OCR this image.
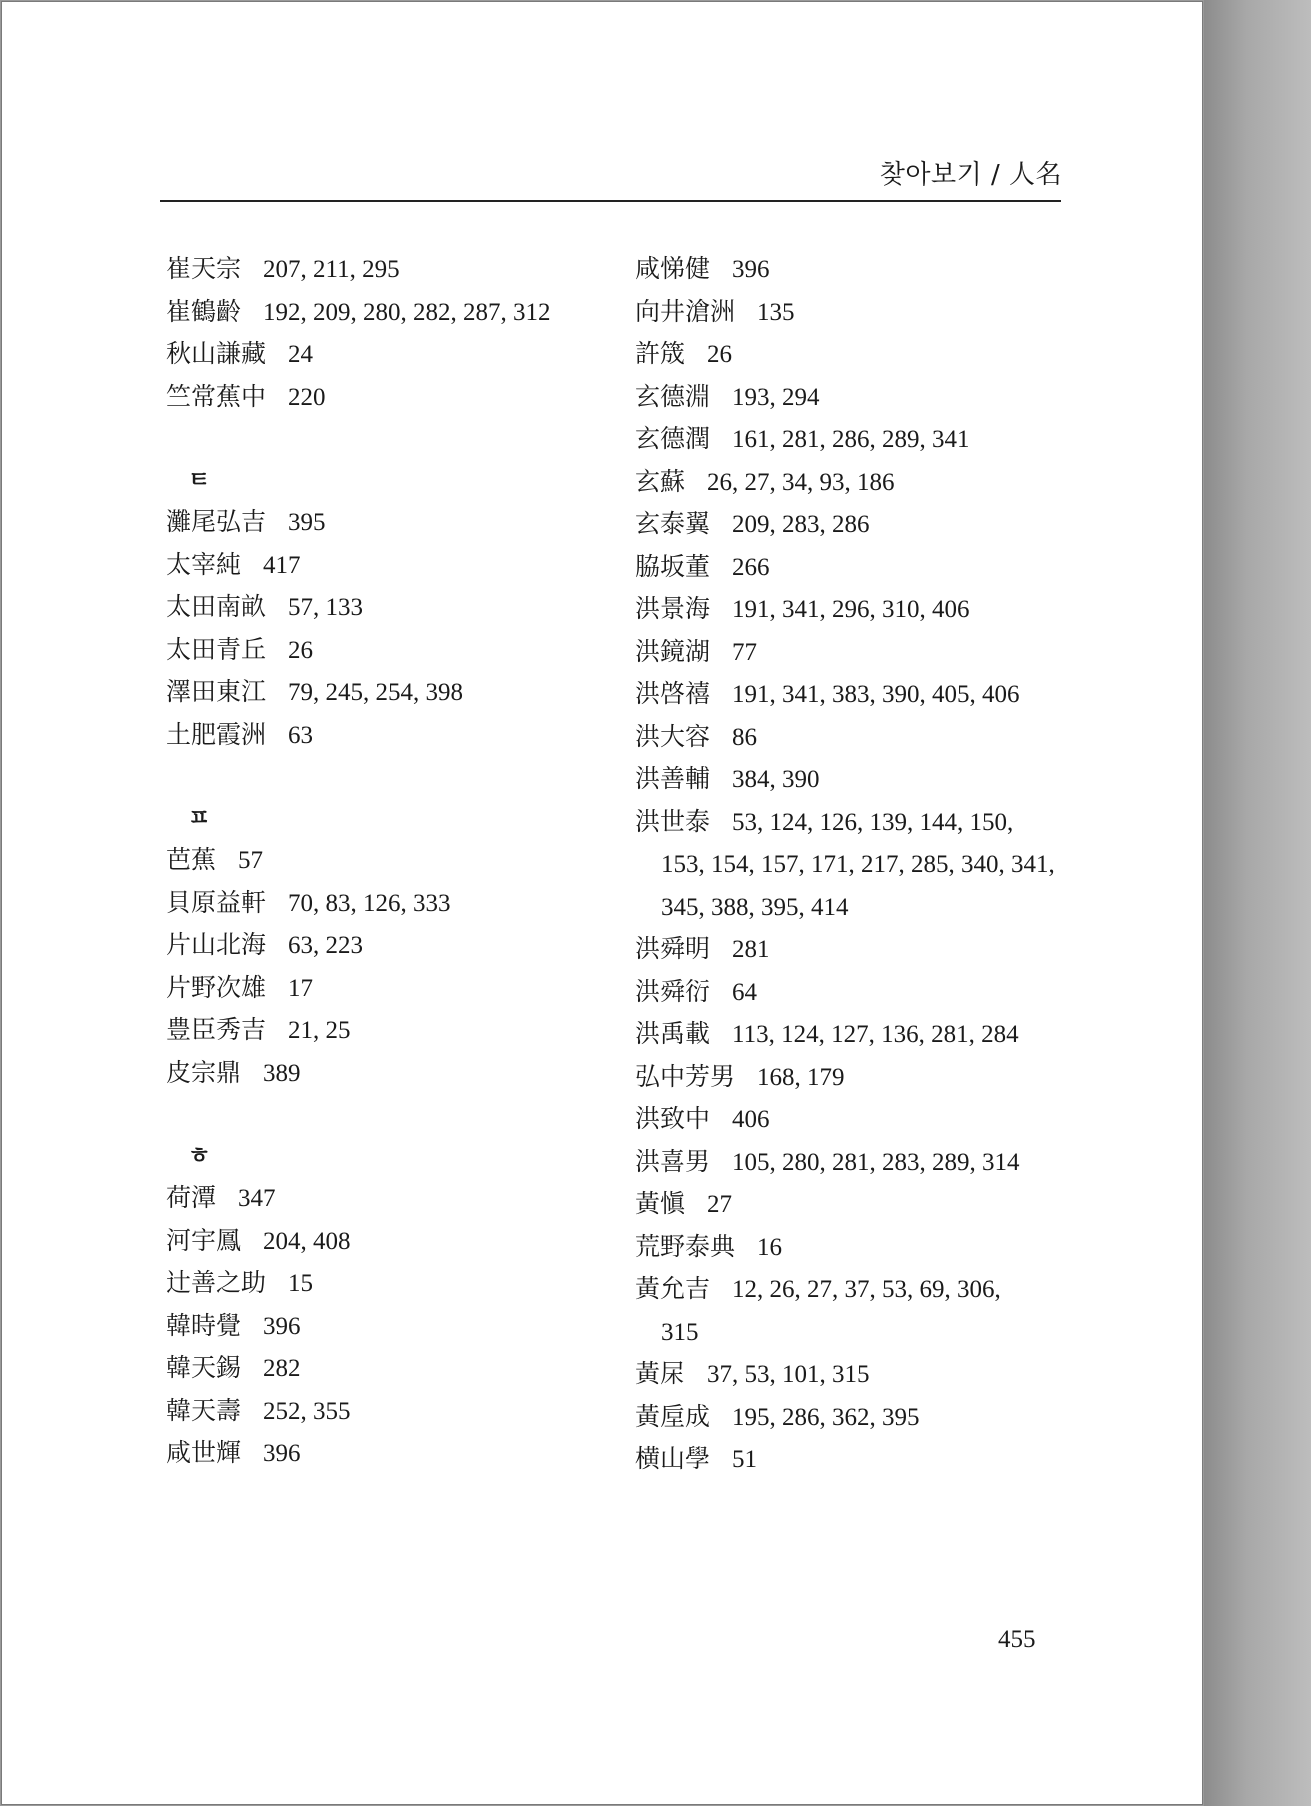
찾아보기 / 人名
崔天宗 207, 211, 295
崔鶴齡 192, 209, 280, 282, 287, 312
秋山謙藏 24
竺常蕉中 220
ㅌ
灘尾弘吉 395
太宰純 417
太田南畝 57, 133
太田青丘 26
澤田東江 79, 245, 254, 398
土肥霞洲 63
ㅍ
芭蕉 57
貝原益軒 70, 83, 126, 333
片山北海 63, 223
片野次雄 17
豊臣秀吉 21, 25
皮宗鼎 389
ㅎ
荷潭 347
河宇鳳 204, 408
辻善之助 15
韓時覺 396
韓天錫 282
韓天壽 252, 355
咸世輝 396
咸悌健 396
向井滄洲 135
許筬 26
玄德淵 193, 294
玄德潤 161, 281, 286, 289, 341
玄蘇 26, 27, 34, 93, 186
玄泰翼 209, 283, 286
脇坂董 266
洪景海 191, 341, 296, 310, 406
洪鏡湖 77
洪啓禧 191, 341, 383, 390, 405, 406
洪大容 86
洪善輔 384, 390
洪世泰 53, 124, 126, 139, 144, 150,
153, 154, 157, 171, 217, 285, 340, 341,
345, 388, 395, 414
洪舜明 281
洪舜衍 64
洪禹載 113, 124, 127, 136, 281, 284
弘中芳男 168, 179
洪致中 406
洪喜男 105, 280, 281, 283, 289, 314
黃愼 27
荒野泰典 16
黃允吉 12, 26, 27, 37, 53, 69, 306,
315
黃杘 37, 53, 101, 315
黃垕成 195, 286, 362, 395
横山學 51
455
